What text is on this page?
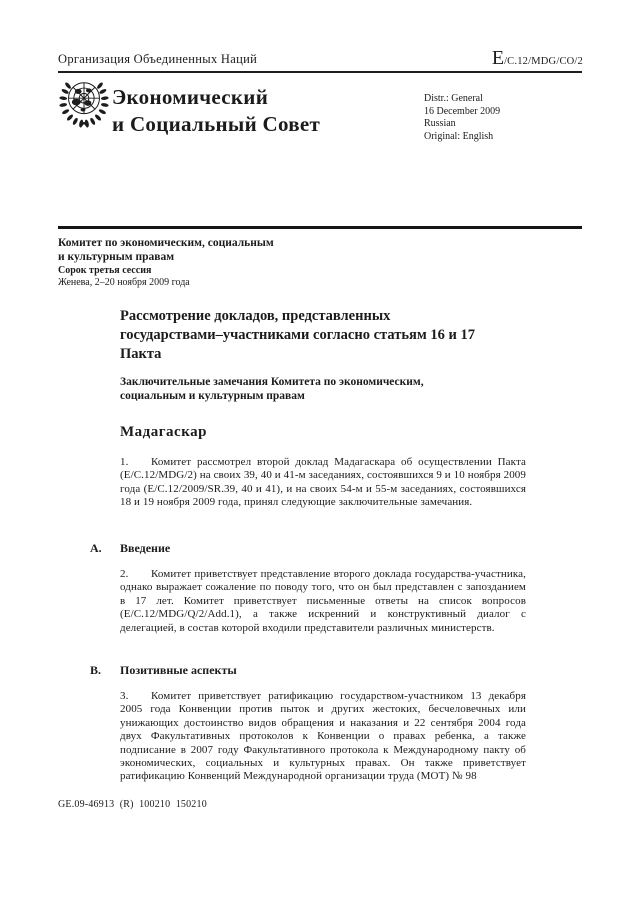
Организация Объединенных Наций	E/C.12/MDG/CO/2
Экономический
и Социальный Совет
Distr.: General
16 December 2009
Russian
Original: English
Комитет по экономическим, социальным
и культурным правам
Сорок третья сессия
Женева, 2–20 ноября 2009 года
Рассмотрение докладов, представленных
государствами–участниками согласно статьям 16 и 17
Пакта
Заключительные замечания Комитета по экономическим,
социальным и культурным правам
Мадагаскар
1. Комитет рассмотрел второй доклад Мадагаскара об осуществлении Пакта (E/C.12/MDG/2) на своих 39, 40 и 41-м заседаниях, состоявшихся 9 и 10 ноября 2009 года (E/C.12/2009/SR.39, 40 и 41), и на своих 54-м и 55-м заседаниях, состоявшихся 18 и 19 ноября 2009 года, принял следующие заключительные замечания.
A. Введение
2. Комитет приветствует представление второго доклада государства-участника, однако выражает сожаление по поводу того, что он был представлен с запозданием в 17 лет. Комитет приветствует письменные ответы на список вопросов (E/C.12/MDG/Q/2/Add.1), а также искренний и конструктивный диалог с делегацией, в состав которой входили представители различных министерств.
B. Позитивные аспекты
3. Комитет приветствует ратификацию государством-участником 13 декабря 2005 года Конвенции против пыток и других жестоких, бесчеловечных или унижающих достоинство видов обращения и наказания и 22 сентября 2004 года двух Факультативных протоколов к Конвенции о правах ребенка, а также подписание в 2007 году Факультативного протокола к Международному пакту об экономических, социальных и культурных правах. Он также приветствует ратификацию Конвенций Международной организации труда (МОТ) № 98
GE.09-46913  (R)  100210  150210
